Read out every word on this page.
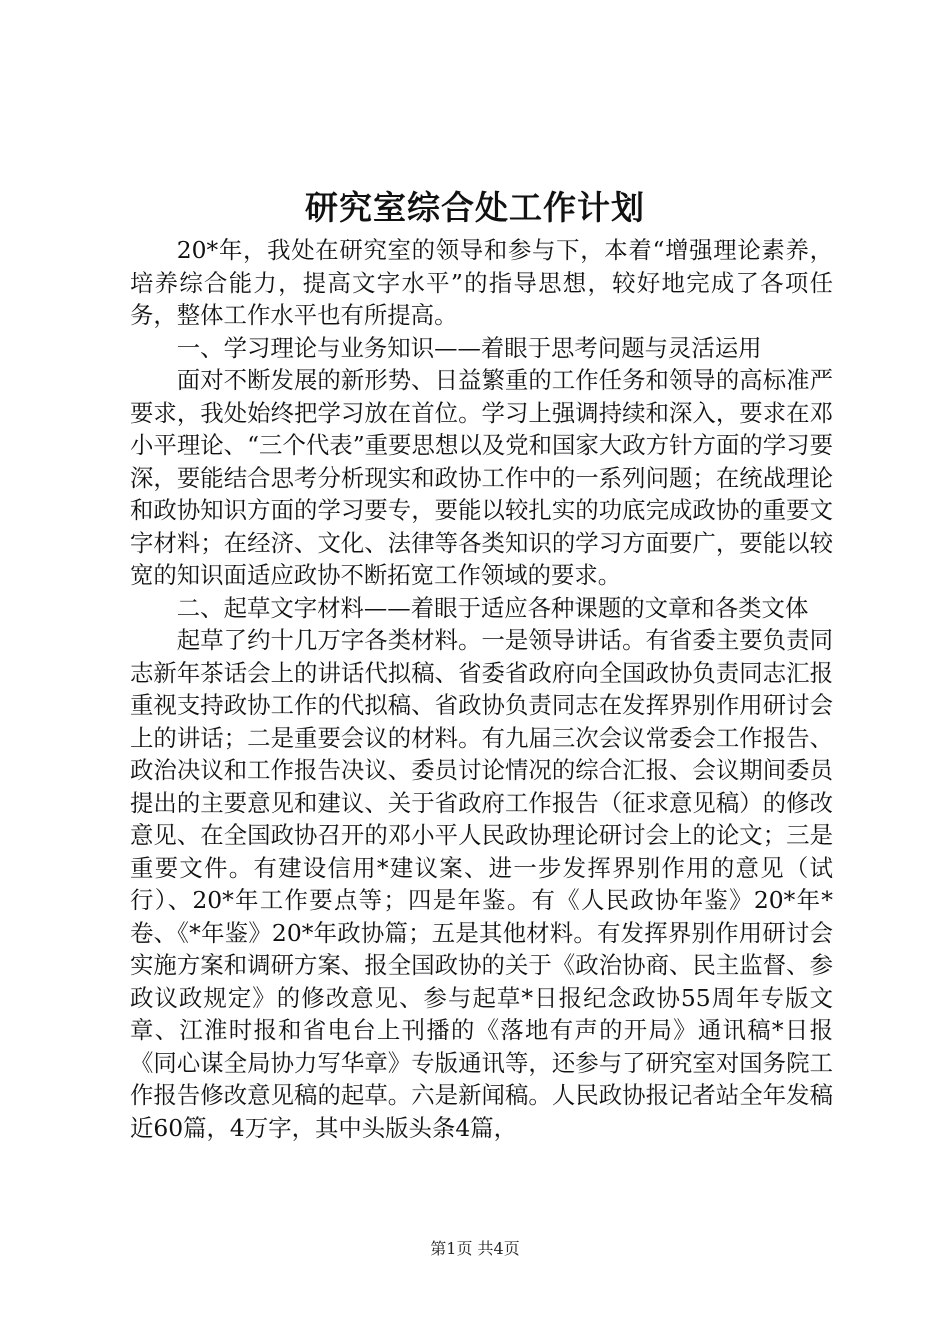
研究室综合处工作计划

20*年，我处在研究室的领导和参与下，本着“增强理论素养，培养综合能力，提高文字水平”的指导思想，较好地完成了各项任务，整体工作水平也有所提高。

一、学习理论与业务知识——着眼于思考问题与灵活运用

面对不断发展的新形势、日益繁重的工作任务和领导的高标准严要求，我处始终把学习放在首位。学习上强调持续和深入，要求在邓小平理论、“三个代表”重要思想以及党和国家大政方针方面的学习要深，要能结合思考分析现实和政协工作中的一系列问题；在统战理论和政协知识方面的学习要专，要能以较扎实的功底完成政协的重要文字材料；在经济、文化、法律等各类知识的学习方面要广，要能以较宽的知识面适应政协不断拓宽工作领域的要求。

二、起草文字材料——着眼于适应各种课题的文章和各类文体

起草了约十几万字各类材料。一是领导讲话。有省委主要负责同志新年茶话会上的讲话代拟稿、省委省政府向全国政协负责同志汇报重视支持政协工作的代拟稿、省政协负责同志在发挥界别作用研讨会上的讲话；二是重要会议的材料。有九届三次会议常委会工作报告、政治决议和工作报告决议、委员讨论情况的综合汇报、会议期间委员提出的主要意见和建议、关于省政府工作报告（征求意见稿）的修改意见、在全国政协召开的邓小平人民政协理论研讨会上的论文；三是重要文件。有建设信用*建议案、进一步发挥界别作用的意见（试行）、20*年工作要点等；四是年鉴。有《人民政协年鉴》20*年*卷、《*年鉴》20*年政协篇；五是其他材料。有发挥界别作用研讨会实施方案和调研方案、报全国政协的关于《政治协商、民主监督、参政议政规定》的修改意见、参与起草*日报纪念政协55周年专版文章、江淮时报和省电台上刊播的《落地有声的开局》通讯稿*日报《同心谋全局协力写华章》专版通讯等，还参与了研究室对国务院工作报告修改意见稿的起草。六是新闻稿。人民政协报记者站全年发稿近60篇，4万字，其中头版头条4篇，

第1页 共4页
